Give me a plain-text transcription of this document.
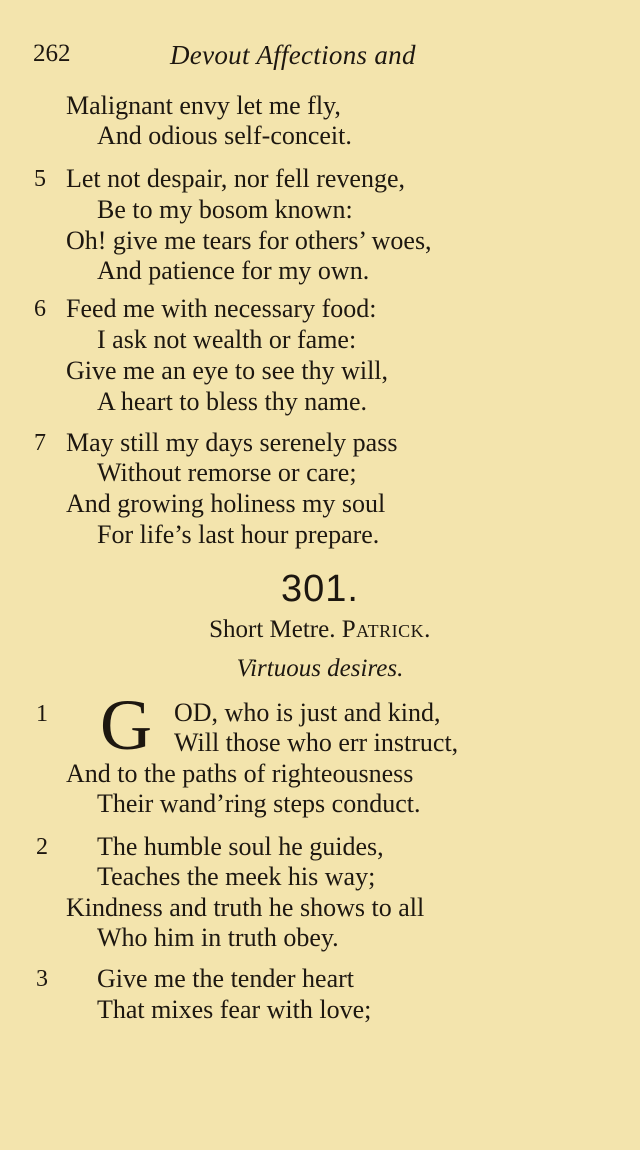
262	Devout Affections and
Malignant envy let me fly,
And odious self-conceit.
5 Let not despair, nor fell revenge,
Be to my bosom known:
Oh! give me tears for others’ woes,
And patience for my own.
6 Feed me with necessary food:
I ask not wealth or fame:
Give me an eye to see thy will,
A heart to bless thy name.
7 May still my days serenely pass
Without remorse or care;
And growing holiness my soul
For life’s last hour prepare.
301.
Short Metre. Patrick.
Virtuous desires.
1 G OD, who is just and kind,
Will those who err instruct,
And to the paths of righteousness
Their wand’ring steps conduct.
2 The humble soul he guides,
Teaches the meek his way;
Kindness and truth he shows to all
Who him in truth obey.
3 Give me the tender heart
That mixes fear with love;
